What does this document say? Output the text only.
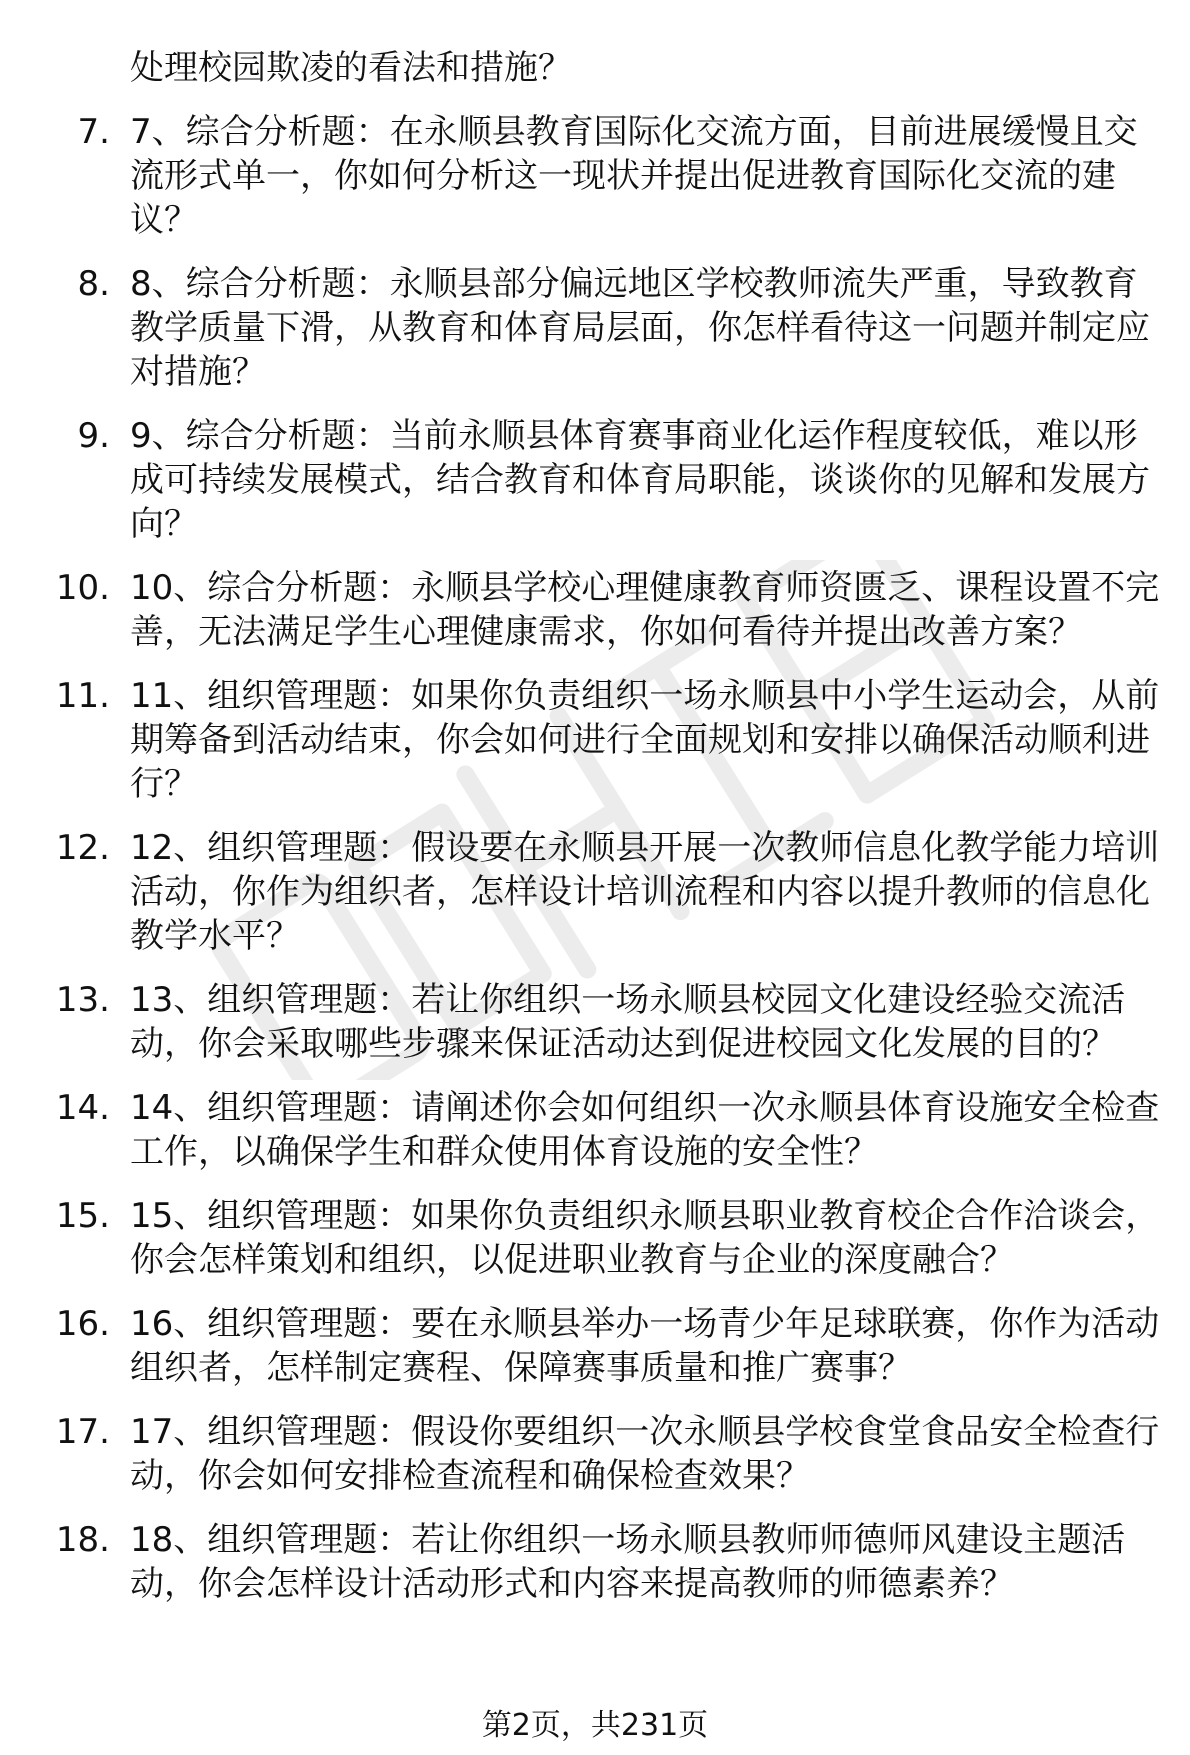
处理校园欺凌的看法和措施？
7. 7、综合分析题：在永顺县教育国际化交流方面，目前进展缓慢且交流形式单一，你如何分析这一现状并提出促进教育国际化交流的建议？
8. 8、综合分析题：永顺县部分偏远地区学校教师流失严重，导致教育教学质量下滑，从教育和体育局层面，你怎样看待这一问题并制定应对措施？
9. 9、综合分析题：当前永顺县体育赛事商业化运作程度较低，难以形成可持续发展模式，结合教育和体育局职能，谈谈你的见解和发展方向？
10. 10、综合分析题：永顺县学校心理健康教育师资匮乏、课程设置不完善，无法满足学生心理健康需求，你如何看待并提出改善方案？
11. 11、组织管理题：如果你负责组织一场永顺县中小学生运动会，从前期筹备到活动结束，你会如何进行全面规划和安排以确保活动顺利进行？
12. 12、组织管理题：假设要在永顺县开展一次教师信息化教学能力培训活动，你作为组织者，怎样设计培训流程和内容以提升教师的信息化教学水平？
13. 13、组织管理题：若让你组织一场永顺县校园文化建设经验交流活动，你会采取哪些步骤来保证活动达到促进校园文化发展的目的？
14. 14、组织管理题：请阐述你会如何组织一次永顺县体育设施安全检查工作，以确保学生和群众使用体育设施的安全性？
15. 15、组织管理题：如果你负责组织永顺县职业教育校企合作洽谈会，你会怎样策划和组织，以促进职业教育与企业的深度融合？
16. 16、组织管理题：要在永顺县举办一场青少年足球联赛，你作为活动组织者，怎样制定赛程、保障赛事质量和推广赛事？
17. 17、组织管理题：假设你要组织一次永顺县学校食堂食品安全检查行动，你会如何安排检查流程和确保检查效果？
18. 18、组织管理题：若让你组织一场永顺县教师师德师风建设主题活动，你会怎样设计活动形式和内容来提高教师的师德素养？
第2页，共231页
